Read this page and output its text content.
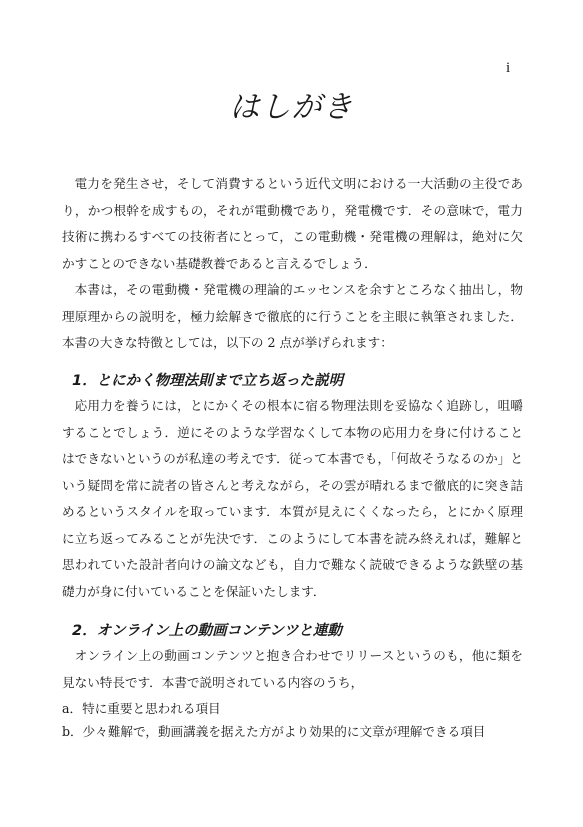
i
はしがき

電力を発生させ，そして消費するという近代文明における一大活動の主役であり，かつ根幹を成すもの，それが電動機であり，発電機です．その意味で，電力技術に携わるすべての技術者にとって，この電動機・発電機の理解は，絶対に欠かすことのできない基礎教養であると言えるでしょう．

本書は，その電動機・発電機の理論的エッセンスを余すところなく抽出し，物理原理からの説明を，極力絵解きで徹底的に行うことを主眼に執筆されました．本書の大きな特徴としては，以下の 2 点が挙げられます：

1．とにかく物理法則まで立ち返った説明

応用力を養うには，とにかくその根本に宿る物理法則を妥協なく追跡し，咀嚼することでしょう．逆にそのような学習なくして本物の応用力を身に付けることはできないというのが私達の考えです．従って本書でも，「何故そうなるのか」という疑問を常に読者の皆さんと考えながら，その雲が晴れるまで徹底的に突き詰めるというスタイルを取っています．本質が見えにくくなったら，とにかく原理に立ち返ってみることが先決です．このようにして本書を読み終えれば，難解と思われていた設計者向けの論文なども，自力で難なく読破できるような鉄壁の基礎力が身に付いていることを保証いたします．

2．オンライン上の動画コンテンツと連動

オンライン上の動画コンテンツと抱き合わせでリリースというのも，他に類を見ない特長です．本書で説明されている内容のうち，

a．特に重要と思われる項目

b．少々難解で，動画講義を据えた方がより効果的に文章が理解できる項目
